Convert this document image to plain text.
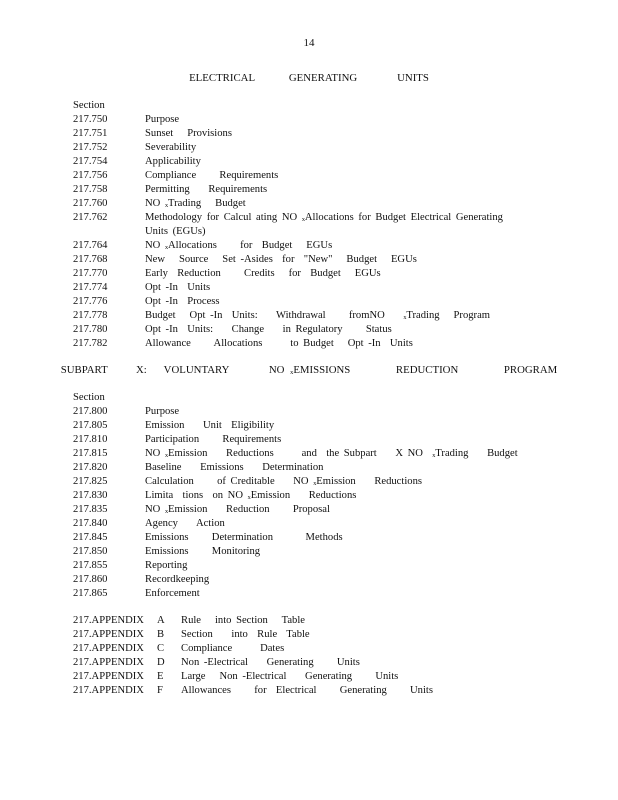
14
ELECTRICAL      GENERATING       UNITS
Section
217.750	Purpose
217.751	Sunset   Provisions
217.752	Severability
217.754	Applicability
217.756	Compliance     Requirements
217.758	Permitting    Requirements
217.760	NO ₓTrading   Budget
217.762	Methodology for Calcul ating NO ₓAllocations for Budget Electrical Generating
Units (EGUs)
217.764	NO ₓAllocations     for  Budget   EGUs
217.768	New   Source   Set -Asides  for  "New"   Budget   EGUs
217.770	Early  Reduction     Credits   for  Budget   EGUs
217.774	Opt -In  Units
217.776	Opt -In  Process
217.778	Budget   Opt -In  Units:    Withdrawal     fromNO    ₓTrading   Program
217.780	Opt -In  Units:    Change    in Regulatory     Status
217.782	Allowance     Allocations      to Budget   Opt -In  Units
SUBPART     X:   VOLUNTARY       NO ₓEMISSIONS        REDUCTION        PROGRAM
Section
217.800	Purpose
217.805	Emission    Unit  Eligibility
217.810	Participation     Requirements
217.815	NO ₓEmission    Reductions      and  the Subpart    X NO  ₓTrading    Budget
217.820	Baseline    Emissions    Determination
217.825	Calculation     of Creditable    NO ₓEmission    Reductions
217.830	Limita  tions  on NO ₓEmission    Reductions
217.835	NO ₓEmission    Reduction     Proposal
217.840	Agency    Action
217.845	Emissions     Determination       Methods
217.850	Emissions     Monitoring
217.855	Reporting
217.860	Recordkeeping
217.865	Enforcement
217.APPENDIX	A	Rule   into Section   Table
217.APPENDIX	B	Section    into  Rule  Table
217.APPENDIX	C	Compliance      Dates
217.APPENDIX	D	Non -Electrical    Generating     Units
217.APPENDIX	E	Large   Non -Electrical    Generating     Units
217.APPENDIX	F	Allowances     for  Electrical     Generating     Units
